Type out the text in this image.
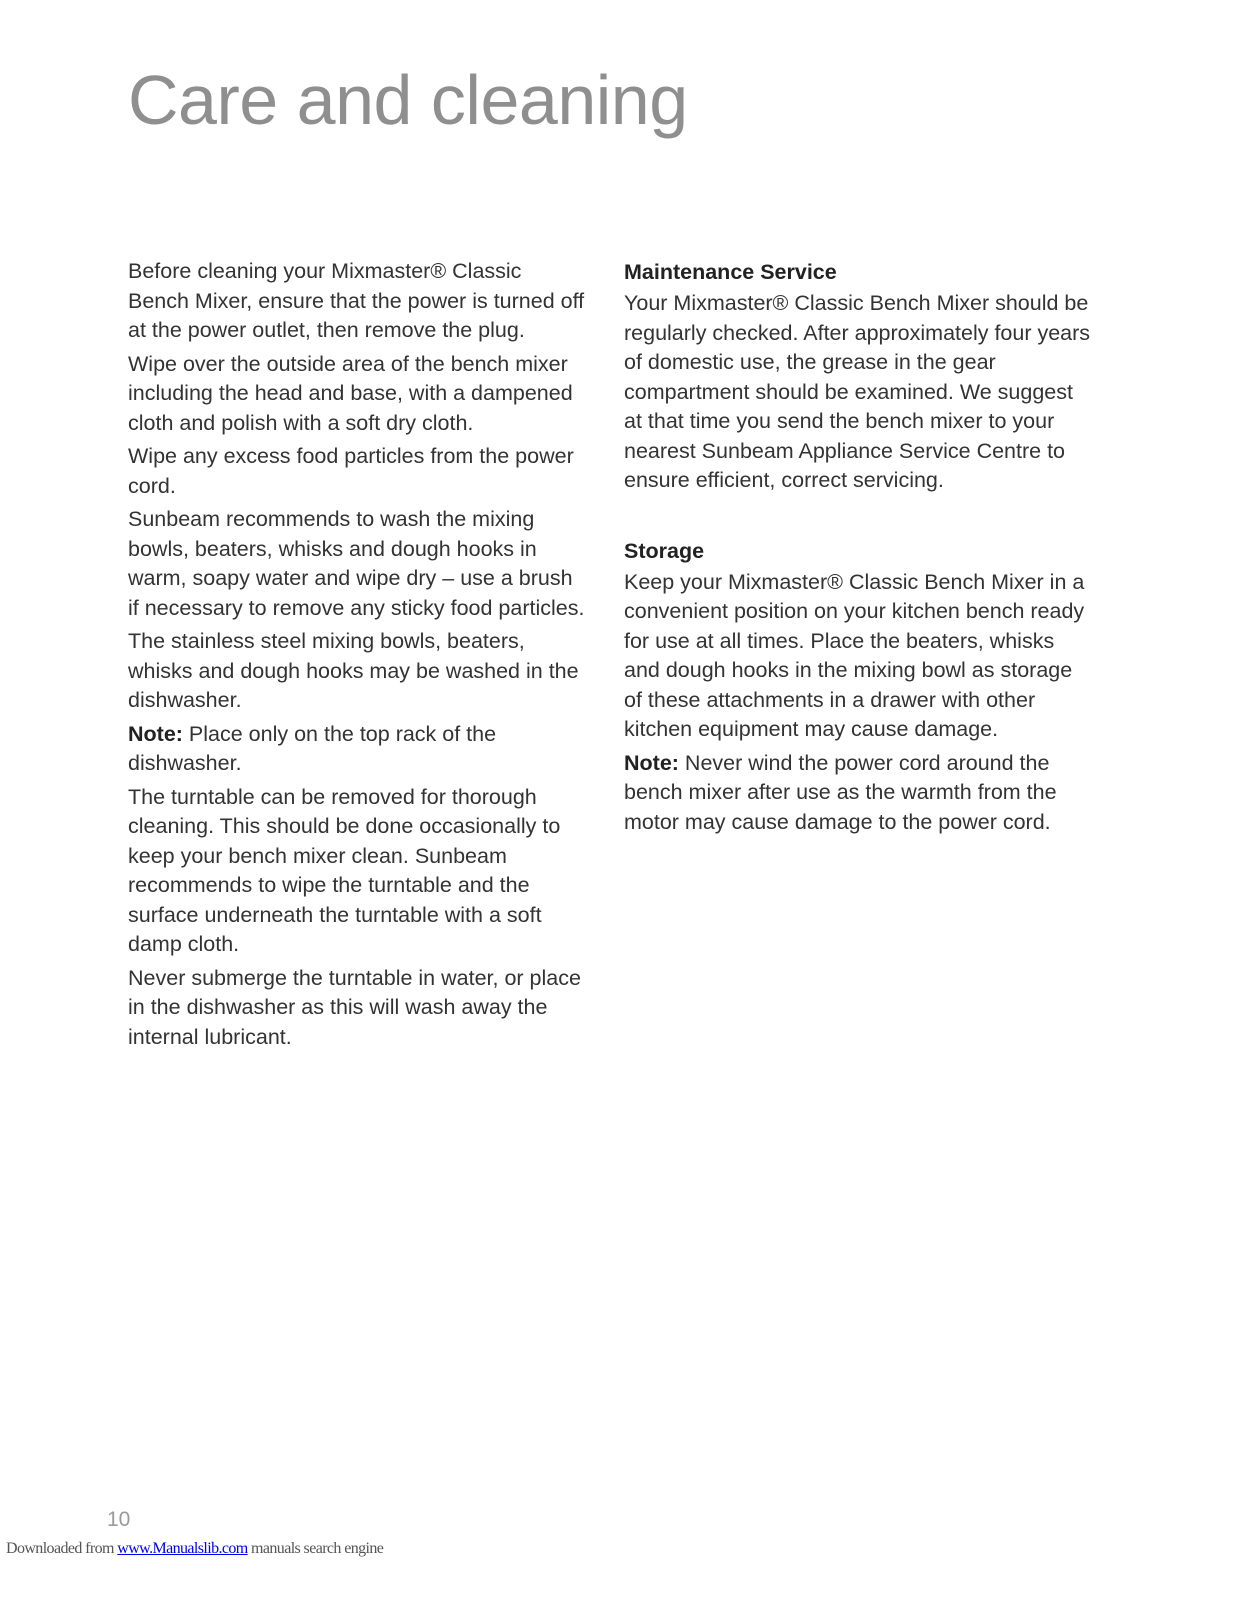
Care and cleaning

Before cleaning your Mixmaster® Classic Bench Mixer, ensure that the power is turned off at the power outlet, then remove the plug.

Wipe over the outside area of the bench mixer including the head and base, with a dampened cloth and polish with a soft dry cloth.

Wipe any excess food particles from the power cord.

Sunbeam recommends to wash the mixing bowls, beaters, whisks and dough hooks in warm, soapy water and wipe dry – use a brush if necessary to remove any sticky food particles.

The stainless steel mixing bowls, beaters, whisks and dough hooks may be washed in the dishwasher.

Note: Place only on the top rack of the dishwasher.

The turntable can be removed for thorough cleaning. This should be done occasionally to keep your bench mixer clean. Sunbeam recommends to wipe the turntable and the surface underneath the turntable with a soft damp cloth.

Never submerge the turntable in water, or place in the dishwasher as this will wash away the internal lubricant.

Maintenance Service

Your Mixmaster® Classic Bench Mixer should be regularly checked. After approximately four years of domestic use, the grease in the gear compartment should be examined. We suggest at that time you send the bench mixer to your nearest Sunbeam Appliance Service Centre to ensure efficient, correct servicing.

Storage

Keep your Mixmaster® Classic Bench Mixer in a convenient position on your kitchen bench ready for use at all times. Place the beaters, whisks and dough hooks in the mixing bowl as storage of these attachments in a drawer with other kitchen equipment may cause damage.

Note: Never wind the power cord around the bench mixer after use as the warmth from the motor may cause damage to the power cord.

10
Downloaded from www.Manualslib.com manuals search engine
